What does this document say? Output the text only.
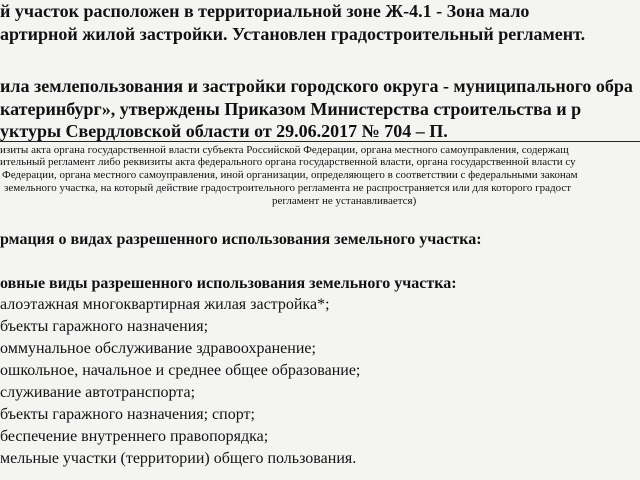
й участок расположен в территориальной зоне Ж-4.1 - Зона мало
артирной жилой застройки. Установлен градостроительный регламент.
ила землепользования и застройки городского округа - муниципального обра
катеринбург», утверждены Приказом Министерства строительства и р
уктуры Свердловской области от 29.06.2017 № 704 – П.
изиты акта органа государственной власти субъекта Российской Федерации, органа местного самоуправления, содержащ
ительный регламент либо реквизиты акта федерального органа государственной власти, органа государственной власти су
Федерации, органа местного самоуправления, иной организации, определяющего в соответствии с федеральными законам
земельного участка, на который действие градостроительного регламента не распространяется или для которого градост
регламент не устанавливается)
рмация о видах разрешенного использования земельного участка:
овные виды разрешенного использования земельного участка:
алоэтажная многоквартирная жилая застройка*;
бъекты гаражного назначения;
оммунальное обслуживание здравоохранение;
ошкольное, начальное и среднее общее образование;
служивание автотранспорта;
бъекты гаражного назначения; спорт;
беспечение внутреннего правопорядка;
мельные участки (территории) общего пользования.
